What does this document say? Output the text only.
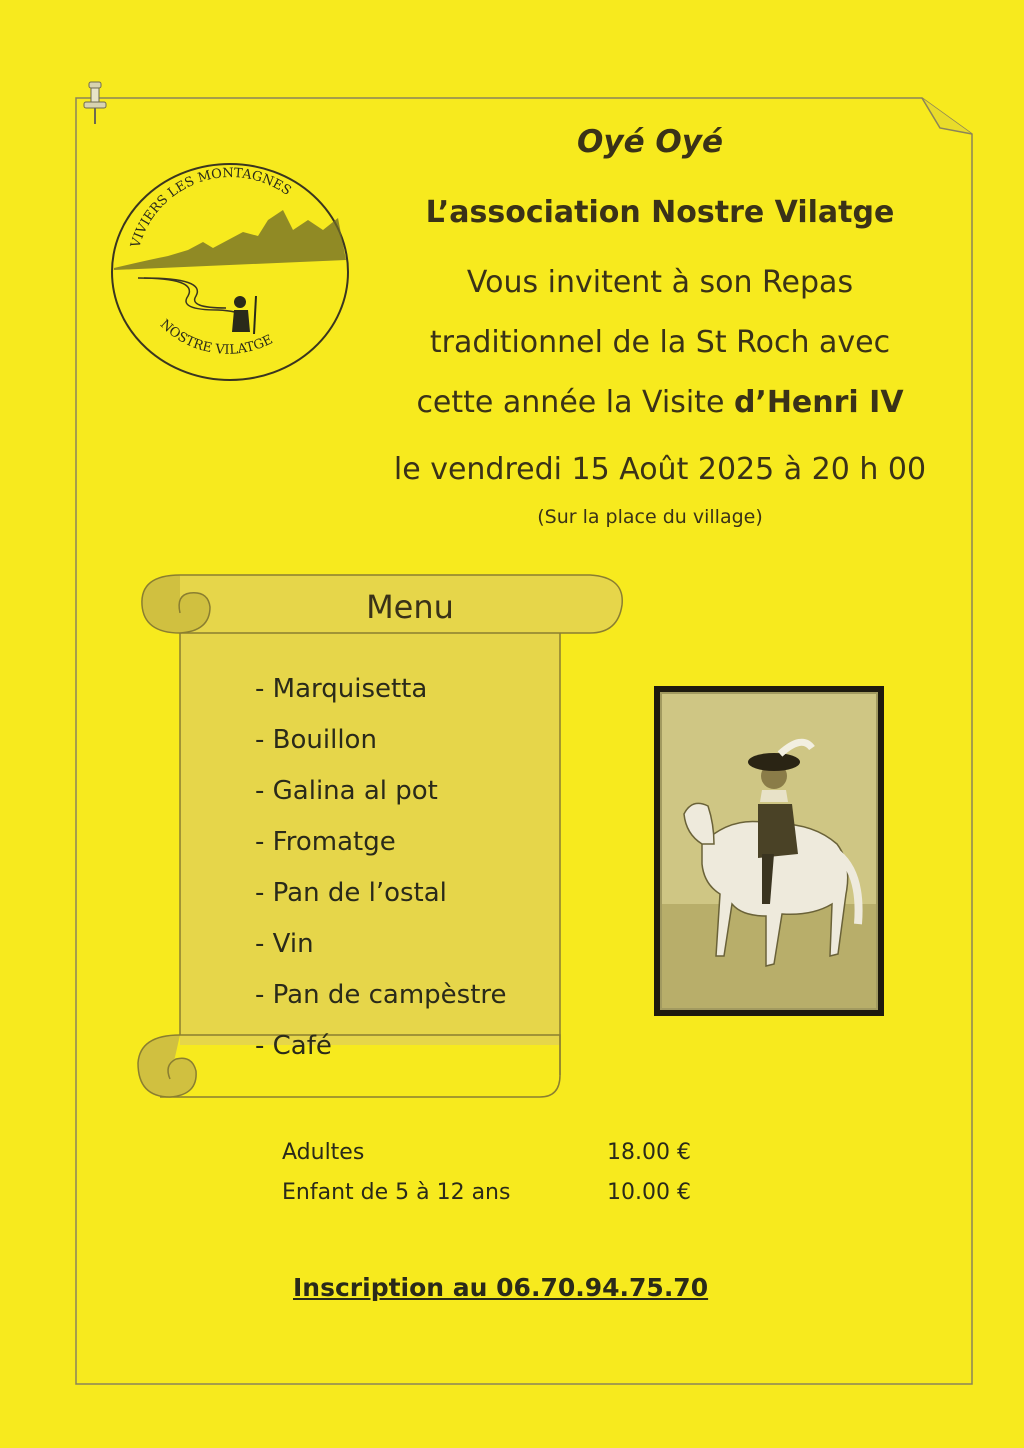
VIVIERS LES MONTAGNES
NOSTRE VILATGE
Oyé Oyé
L’association Nostre Vilatge
Vous invitent à son Repas
traditionnel de la St Roch avec
cette année la Visite d’Henri IV
le vendredi 15 Août 2025 à 20 h 00
(Sur la place du village)
Menu
- Marquisetta
- Bouillon
- Galina al pot
- Fromatge
- Pan de l’ostal
- Vin
- Pan de campèstre
- Café
Adultes	18.00 €
Enfant de 5 à 12 ans	10.00 €
Inscription au 06.70.94.75.70
